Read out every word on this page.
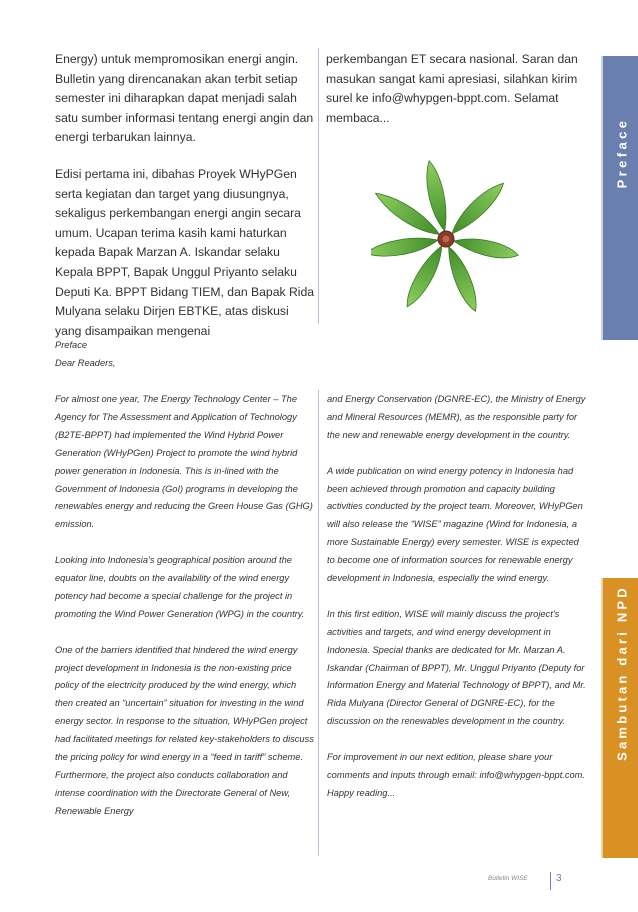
Energy) untuk mempromosikan energi angin. Bulletin yang direncanakan akan terbit setiap semester ini diharapkan dapat menjadi salah satu sumber informasi tentang energi angin dan energi terbarukan lainnya.

Edisi pertama ini, dibahas Proyek WHyPGen serta kegiatan dan target yang diusungnya, sekaligus perkembangan energi angin secara umum. Ucapan terima kasih kami haturkan kepada Bapak Marzan A. Iskandar selaku Kepala BPPT, Bapak Unggul Priyanto selaku Deputi Ka. BPPT Bidang TIEM, dan Bapak Rida Mulyana selaku Dirjen EBTKE, atas diskusi yang disampaikan mengenai

perkembangan ET secara nasional. Saran dan masukan sangat kami apresiasi, silahkan kirim surel ke info@whypgen-bppt.com. Selamat membaca...

Preface

Dear Readers,

For almost one year, The Energy Technology Center – The Agency for The Assessment and Application of Technology (B2TE-BPPT) had implemented the Wind Hybrid Power Generation (WHyPGen) Project to promote the wind hybrid power generation in Indonesia. This is in-lined with the Government of Indonesia (GoI) programs in developing the renewables energy and reducing the Green House Gas (GHG) emission.

Looking into Indonesia's geographical position around the equator line, doubts on the availability of the wind energy potency had become a special challenge for the project in promoting the Wind Power Generation (WPG) in the country.

One of the barriers identified that hindered the wind energy project development in Indonesia is the non-existing price policy of the electricity produced by the wind energy, which then created an “uncertain” situation for investing in the wind energy sector. In response to the situation, WHyPGen project had facilitated meetings for related key-stakeholders to discuss the pricing policy for wind energy in a “feed in tariff” scheme. Furthermore, the project also conducts collaboration and intense coordination with the Directorate General of New, Renewable Energy

and Energy Conservation (DGNRE-EC), the Ministry of Energy and Mineral Resources (MEMR), as the responsible party for the new and renewable energy development in the country.

A wide publication on wind energy potency in Indonesia had been achieved through promotion and capacity building activities conducted by the project team. Moreover, WHyPGen will also release the “WISE” magazine (Wind for Indonesia, a more Sustainable Energy) every semester. WISE is expected to become one of information sources for renewable energy development in Indonesia, especially the wind energy.

In this first edition, WISE will mainly discuss the project’s activities and targets, and wind energy development in Indonesia. Special thanks are dedicated for Mr. Marzan A. Iskandar (Chairman of BPPT), Mr. Unggul Priyanto (Deputy for Information Energy and Material Technology of BPPT), and Mr. Rida Mulyana (Director General of DGNRE-EC), for the discussion on the renewables development in the country.

For improvement in our next edition, please share your comments and inputs through email: info@whypgen-bppt.com. Happy reading...

Preface
Sambutan dari NPD
Bulletin WISE	3
